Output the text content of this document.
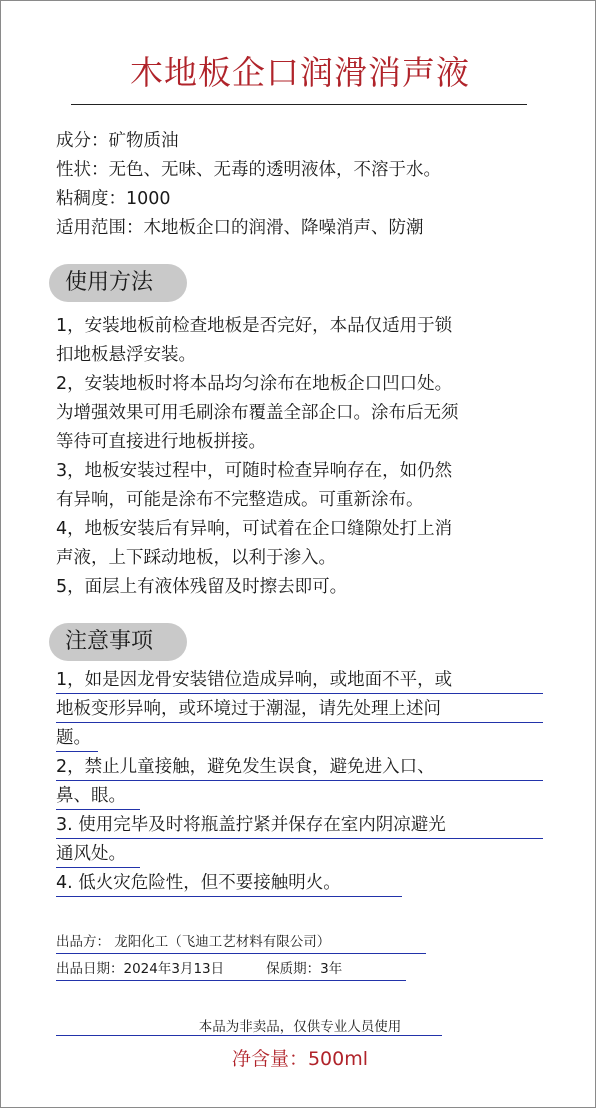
木地板企口润滑消声液
成分：矿物质油
性状：无色、无味、无毒的透明液体，不溶于水。
粘稠度：1000
适用范围：木地板企口的润滑、降噪消声、防潮
使用方法
1，安装地板前检查地板是否完好，本品仅适用于锁
扣地板悬浮安装。
2，安装地板时将本品均匀涂布在地板企口凹口处。
为增强效果可用毛刷涂布覆盖全部企口。涂布后无须
等待可直接进行地板拼接。
3，地板安装过程中，可随时检查异响存在，如仍然
有异响，可能是涂布不完整造成。可重新涂布。
4，地板安装后有异响，可试着在企口缝隙处打上消
声液，上下踩动地板，以利于渗入。
5，面层上有液体残留及时擦去即可。
注意事项
1，如是因龙骨安装错位造成异响，或地面不平，或
地板变形异响，或环境过于潮湿，请先处理上述问
题。
2，禁止儿童接触，避免发生误食，避免进入口、
鼻、眼。
3. 使用完毕及时将瓶盖拧紧并保存在室内阴凉避光
通风处。
4. 低火灾危险性，但不要接触明火。
出品方： 龙阳化工（飞迪工艺材料有限公司）
出品日期：2024年3月13日	保质期：3年
本品为非卖品，仅供专业人员使用
净含量：500ml
